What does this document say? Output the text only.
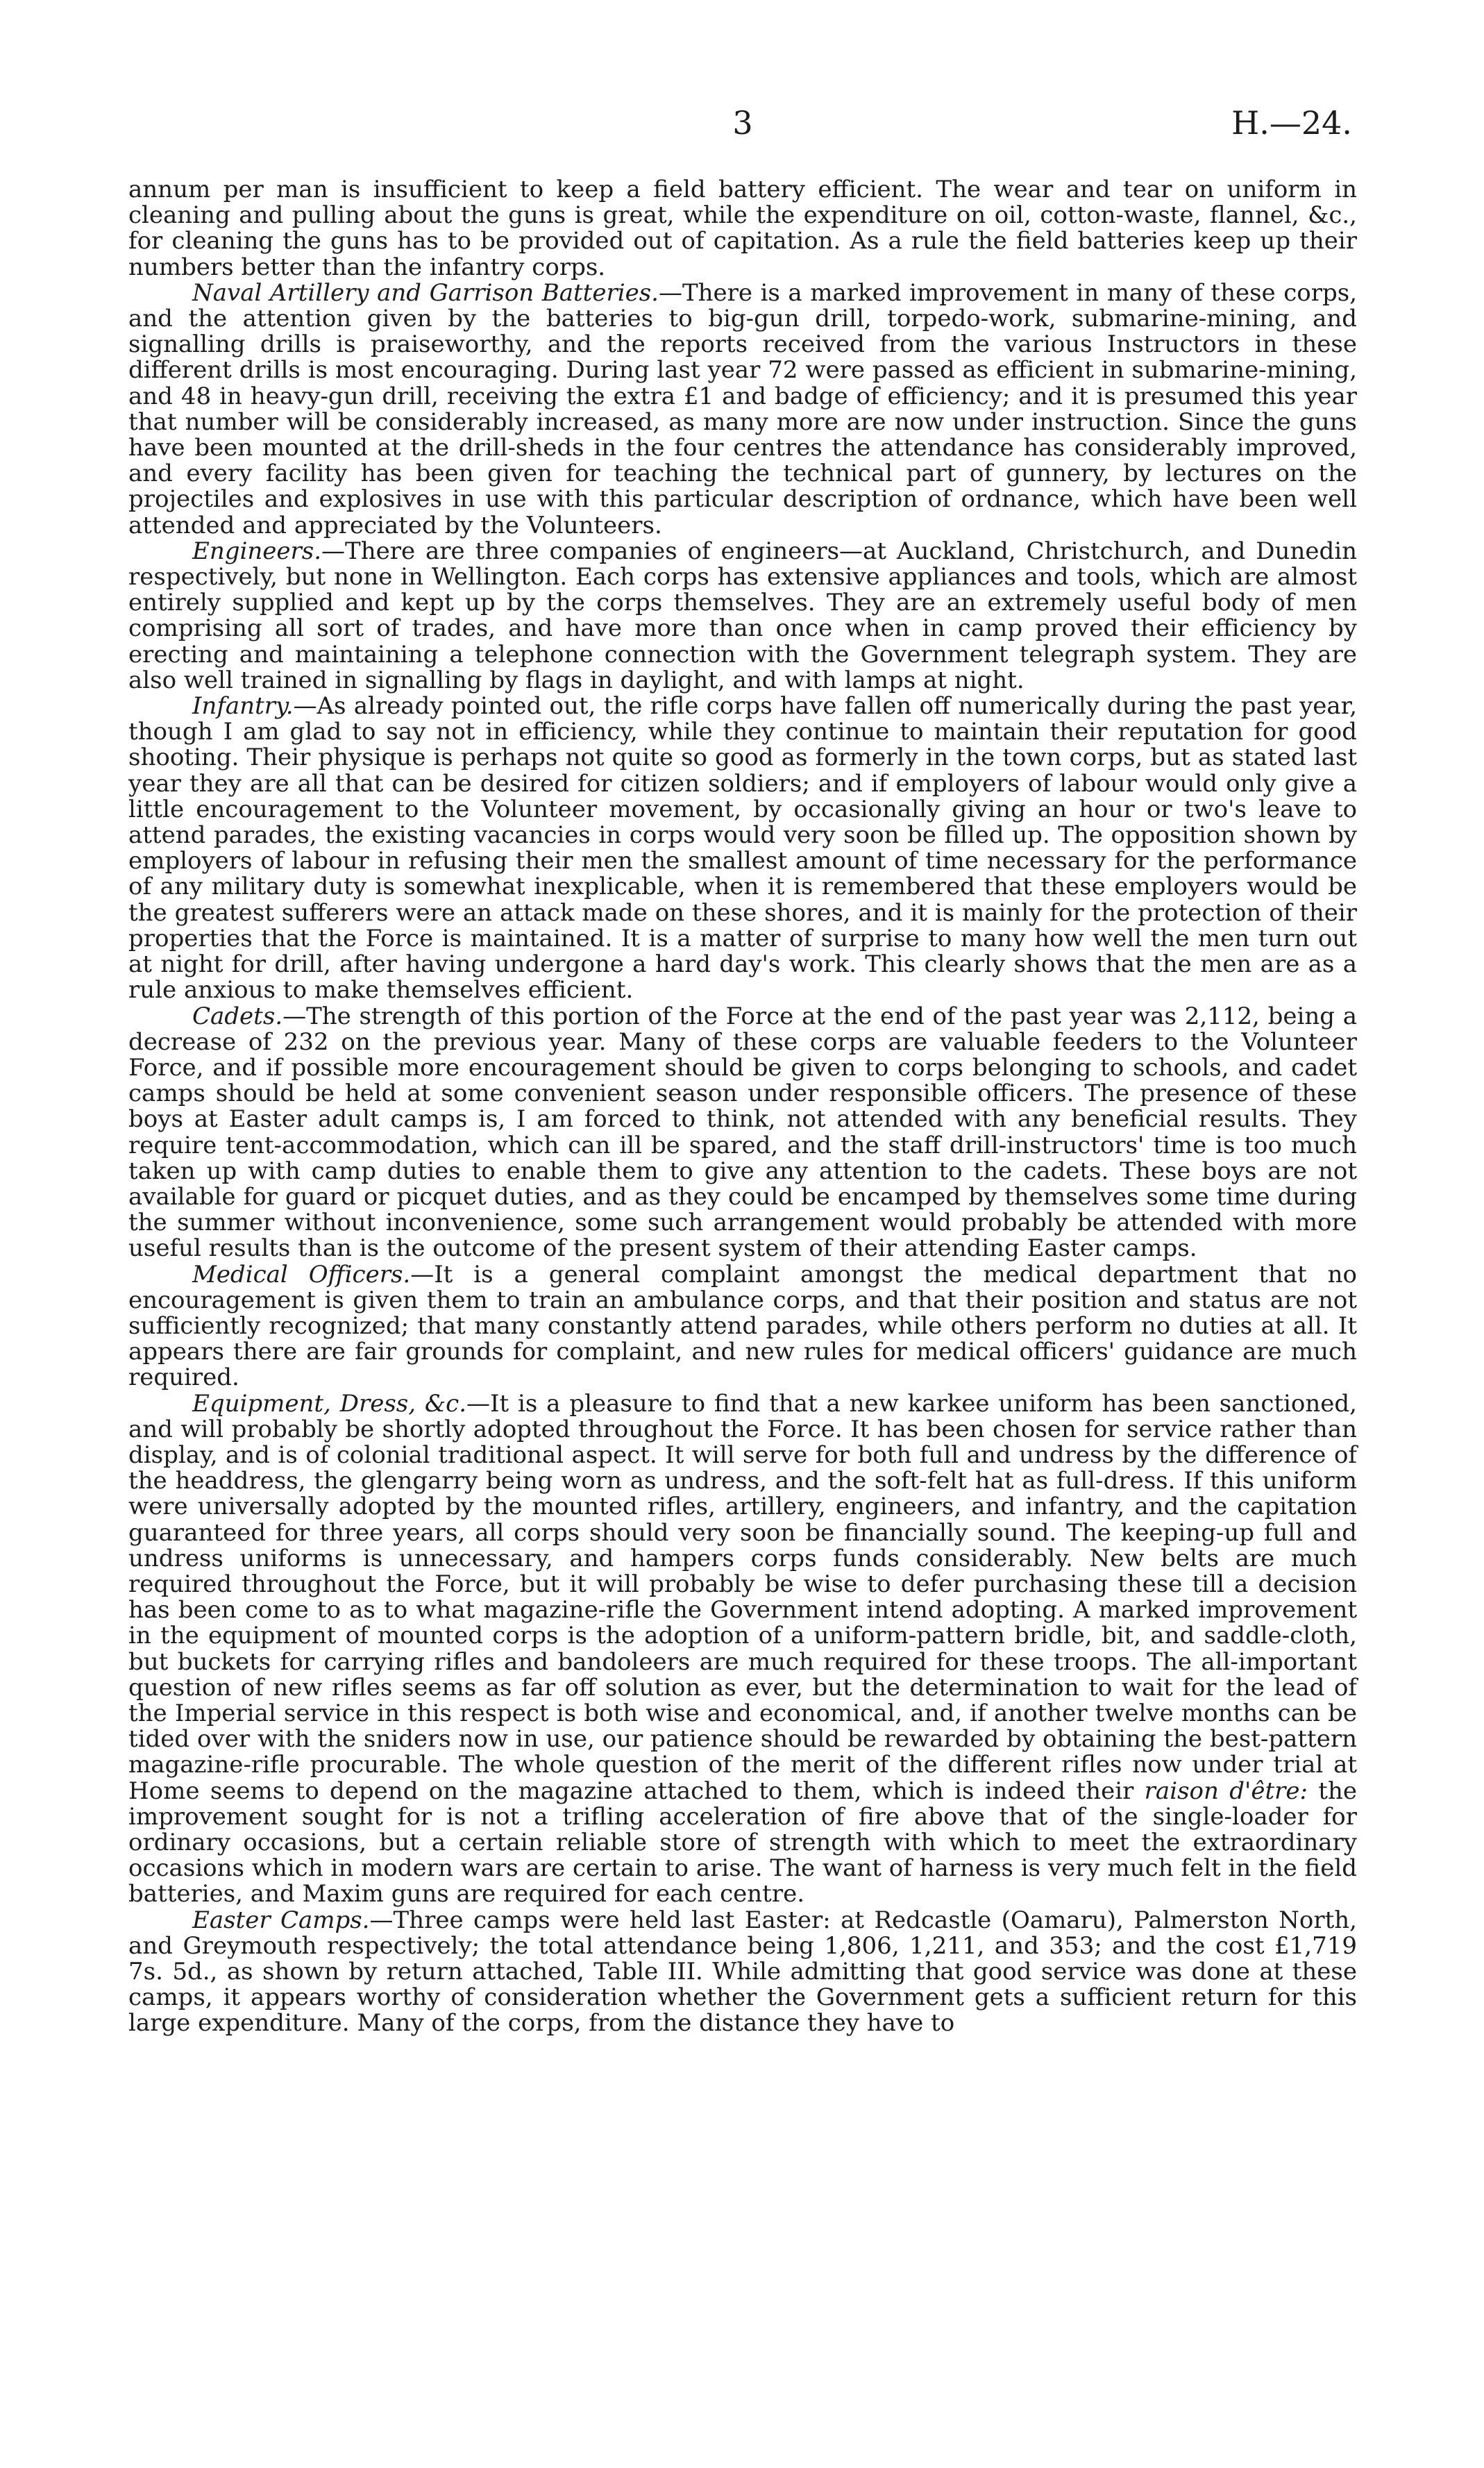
3	H.—24.

annum per man is insufficient to keep a field battery efficient. The wear and tear on uniform in cleaning and pulling about the guns is great, while the expenditure on oil, cotton-waste, flannel, &c., for cleaning the guns has to be provided out of capitation. As a rule the field batteries keep up their numbers better than the infantry corps.

Naval Artillery and Garrison Batteries.—There is a marked improvement in many of these corps, and the attention given by the batteries to big-gun drill, torpedo-work, submarine-mining, and signalling drills is praiseworthy, and the reports received from the various Instructors in these different drills is most encouraging. During last year 72 were passed as efficient in submarine-mining, and 48 in heavy-gun drill, receiving the extra £1 and badge of efficiency; and it is presumed this year that number will be considerably increased, as many more are now under instruction. Since the guns have been mounted at the drill-sheds in the four centres the attendance has considerably improved, and every facility has been given for teaching the technical part of gunnery, by lectures on the projectiles and explosives in use with this particular description of ordnance, which have been well attended and appreciated by the Volunteers.

Engineers.—There are three companies of engineers—at Auckland, Christchurch, and Dunedin respectively, but none in Wellington. Each corps has extensive appliances and tools, which are almost entirely supplied and kept up by the corps themselves. They are an extremely useful body of men comprising all sort of trades, and have more than once when in camp proved their efficiency by erecting and maintaining a telephone connection with the Government telegraph system. They are also well trained in signalling by flags in daylight, and with lamps at night.

Infantry.—As already pointed out, the rifle corps have fallen off numerically during the past year, though I am glad to say not in efficiency, while they continue to maintain their reputation for good shooting. Their physique is perhaps not quite so good as formerly in the town corps, but as stated last year they are all that can be desired for citizen soldiers; and if employers of labour would only give a little encouragement to the Volunteer movement, by occasionally giving an hour or two's leave to attend parades, the existing vacancies in corps would very soon be filled up. The opposition shown by employers of labour in refusing their men the smallest amount of time necessary for the performance of any military duty is somewhat inexplicable, when it is remembered that these employers would be the greatest sufferers were an attack made on these shores, and it is mainly for the protection of their properties that the Force is maintained. It is a matter of surprise to many how well the men turn out at night for drill, after having undergone a hard day's work. This clearly shows that the men are as a rule anxious to make themselves efficient.

Cadets.—The strength of this portion of the Force at the end of the past year was 2,112, being a decrease of 232 on the previous year. Many of these corps are valuable feeders to the Volunteer Force, and if possible more encouragement should be given to corps belonging to schools, and cadet camps should be held at some convenient season under responsible officers. The presence of these boys at Easter adult camps is, I am forced to think, not attended with any beneficial results. They require tent-accommodation, which can ill be spared, and the staff drill-instructors' time is too much taken up with camp duties to enable them to give any attention to the cadets. These boys are not available for guard or picquet duties, and as they could be encamped by themselves some time during the summer without inconvenience, some such arrangement would probably be attended with more useful results than is the outcome of the present system of their attending Easter camps.

Medical Officers.—It is a general complaint amongst the medical department that no encouragement is given them to train an ambulance corps, and that their position and status are not sufficiently recognized; that many constantly attend parades, while others perform no duties at all. It appears there are fair grounds for complaint, and new rules for medical officers' guidance are much required.

Equipment, Dress, &c.—It is a pleasure to find that a new karkee uniform has been sanctioned, and will probably be shortly adopted throughout the Force. It has been chosen for service rather than display, and is of colonial traditional aspect. It will serve for both full and undress by the difference of the headdress, the glengarry being worn as undress, and the soft-felt hat as full-dress. If this uniform were universally adopted by the mounted rifles, artillery, engineers, and infantry, and the capitation guaranteed for three years, all corps should very soon be financially sound. The keeping-up full and undress uniforms is unnecessary, and hampers corps funds considerably. New belts are much required throughout the Force, but it will probably be wise to defer purchasing these till a decision has been come to as to what magazine-rifle the Government intend adopting. A marked improvement in the equipment of mounted corps is the adoption of a uniform-pattern bridle, bit, and saddle-cloth, but buckets for carrying rifles and bandoleers are much required for these troops. The all-important question of new rifles seems as far off solution as ever, but the determination to wait for the lead of the Imperial service in this respect is both wise and economical, and, if another twelve months can be tided over with the sniders now in use, our patience should be rewarded by obtaining the best-pattern magazine-rifle procurable. The whole question of the merit of the different rifles now under trial at Home seems to depend on the magazine attached to them, which is indeed their raison d'être: the improvement sought for is not a trifling acceleration of fire above that of the single-loader for ordinary occasions, but a certain reliable store of strength with which to meet the extraordinary occasions which in modern wars are certain to arise. The want of harness is very much felt in the field batteries, and Maxim guns are required for each centre.

Easter Camps.—Three camps were held last Easter: at Redcastle (Oamaru), Palmerston North, and Greymouth respectively; the total attendance being 1,806, 1,211, and 353; and the cost £1,719 7s. 5d., as shown by return attached, Table III. While admitting that good service was done at these camps, it appears worthy of consideration whether the Government gets a sufficient return for this large expenditure. Many of the corps, from the distance they have to
